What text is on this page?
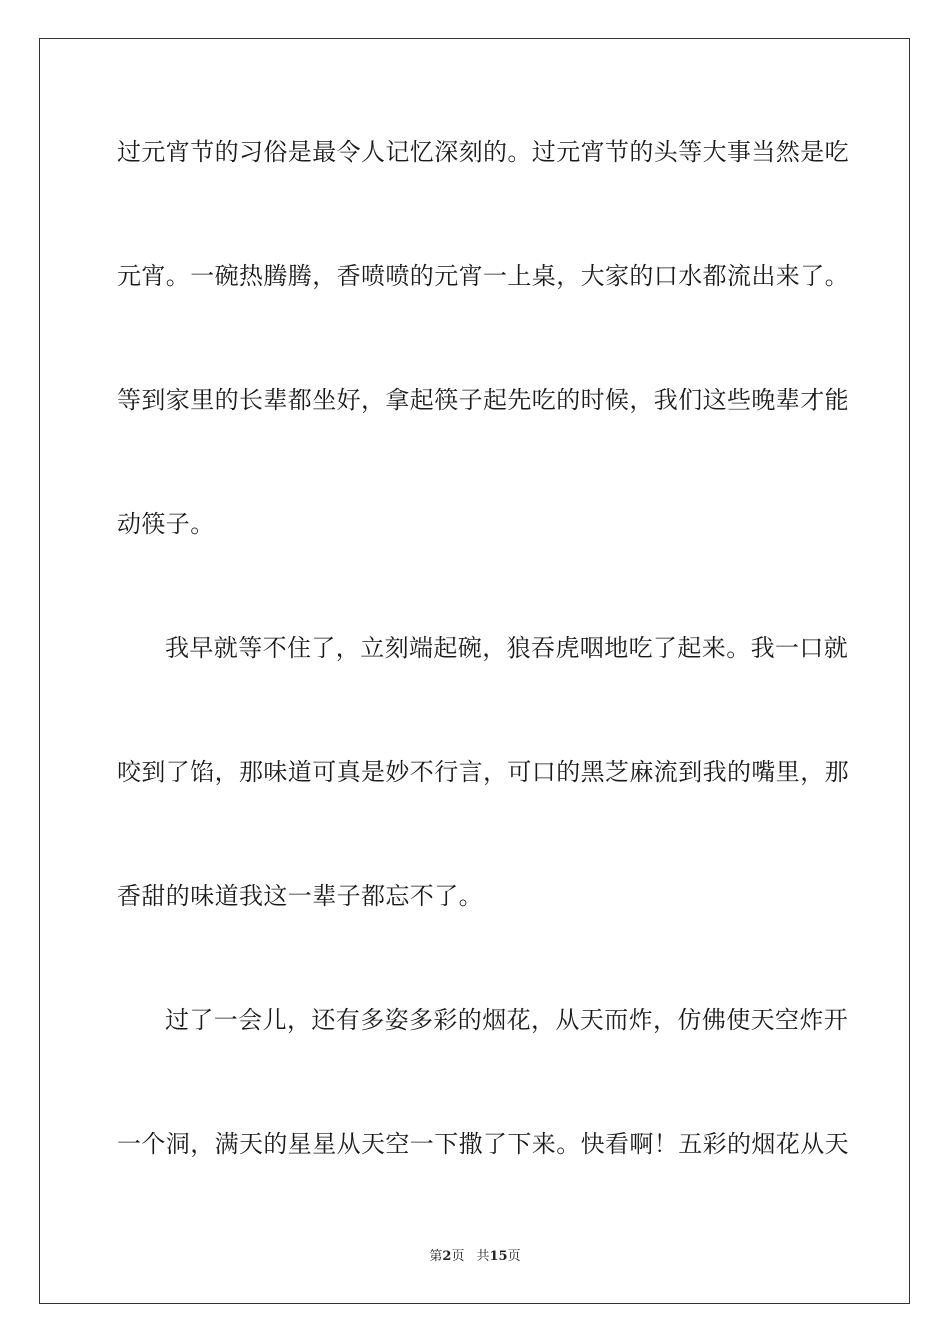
过元宵节的习俗是最令人记忆深刻的。过元宵节的头等大事当然是吃
元宵。一碗热腾腾，香喷喷的元宵一上桌，大家的口水都流出来了。
等到家里的长辈都坐好，拿起筷子起先吃的时候，我们这些晚辈才能
动筷子。
我早就等不住了，立刻端起碗，狼吞虎咽地吃了起来。我一口就
咬到了馅，那味道可真是妙不行言，可口的黑芝麻流到我的嘴里，那
香甜的味道我这一辈子都忘不了。
过了一会儿，还有多姿多彩的烟花，从天而炸，仿佛使天空炸开
一个洞，满天的星星从天空一下撒了下来。快看啊！五彩的烟花从天
第2页 共15页
